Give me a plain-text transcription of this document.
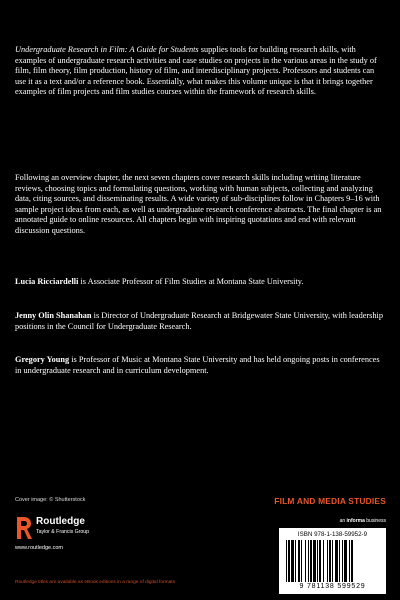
Undergraduate Research in Film: A Guide for Students supplies tools for building research skills, with examples of undergraduate research activities and case studies on projects in the various areas in the study of film, film theory, film production, history of film, and interdisciplinary projects. Professors and students can use it as a text and/or a reference book. Essentially, what makes this volume unique is that it brings together examples of film projects and film studies courses within the framework of research skills.

Following an overview chapter, the next seven chapters cover research skills including writing literature reviews, choosing topics and formulating questions, working with human subjects, collecting and analyzing data, citing sources, and disseminating results. A wide variety of sub-disciplines follow in Chapters 9–16 with sample project ideas from each, as well as undergraduate research conference abstracts. The final chapter is an annotated guide to online resources. All chapters begin with inspiring quotations and end with relevant discussion questions.

Lucia Ricciardelli is Associate Professor of Film Studies at Montana State University.

Jenny Olin Shanahan is Director of Undergraduate Research at Bridgewater State University, with leadership positions in the Council for Undergraduate Research.

Gregory Young is Professor of Music at Montana State University and has held ongoing posts in conferences in undergraduate research and in curriculum development.

Cover image: © Shutterstock	FILM AND MEDIA STUDIES
Routledge
Taylor & Francis Group
www.routledge.com
Routledge titles are available as eBook editions in a range of digital formats
an informa business
ISBN 978-1-138-59952-9
9 781138 599529
